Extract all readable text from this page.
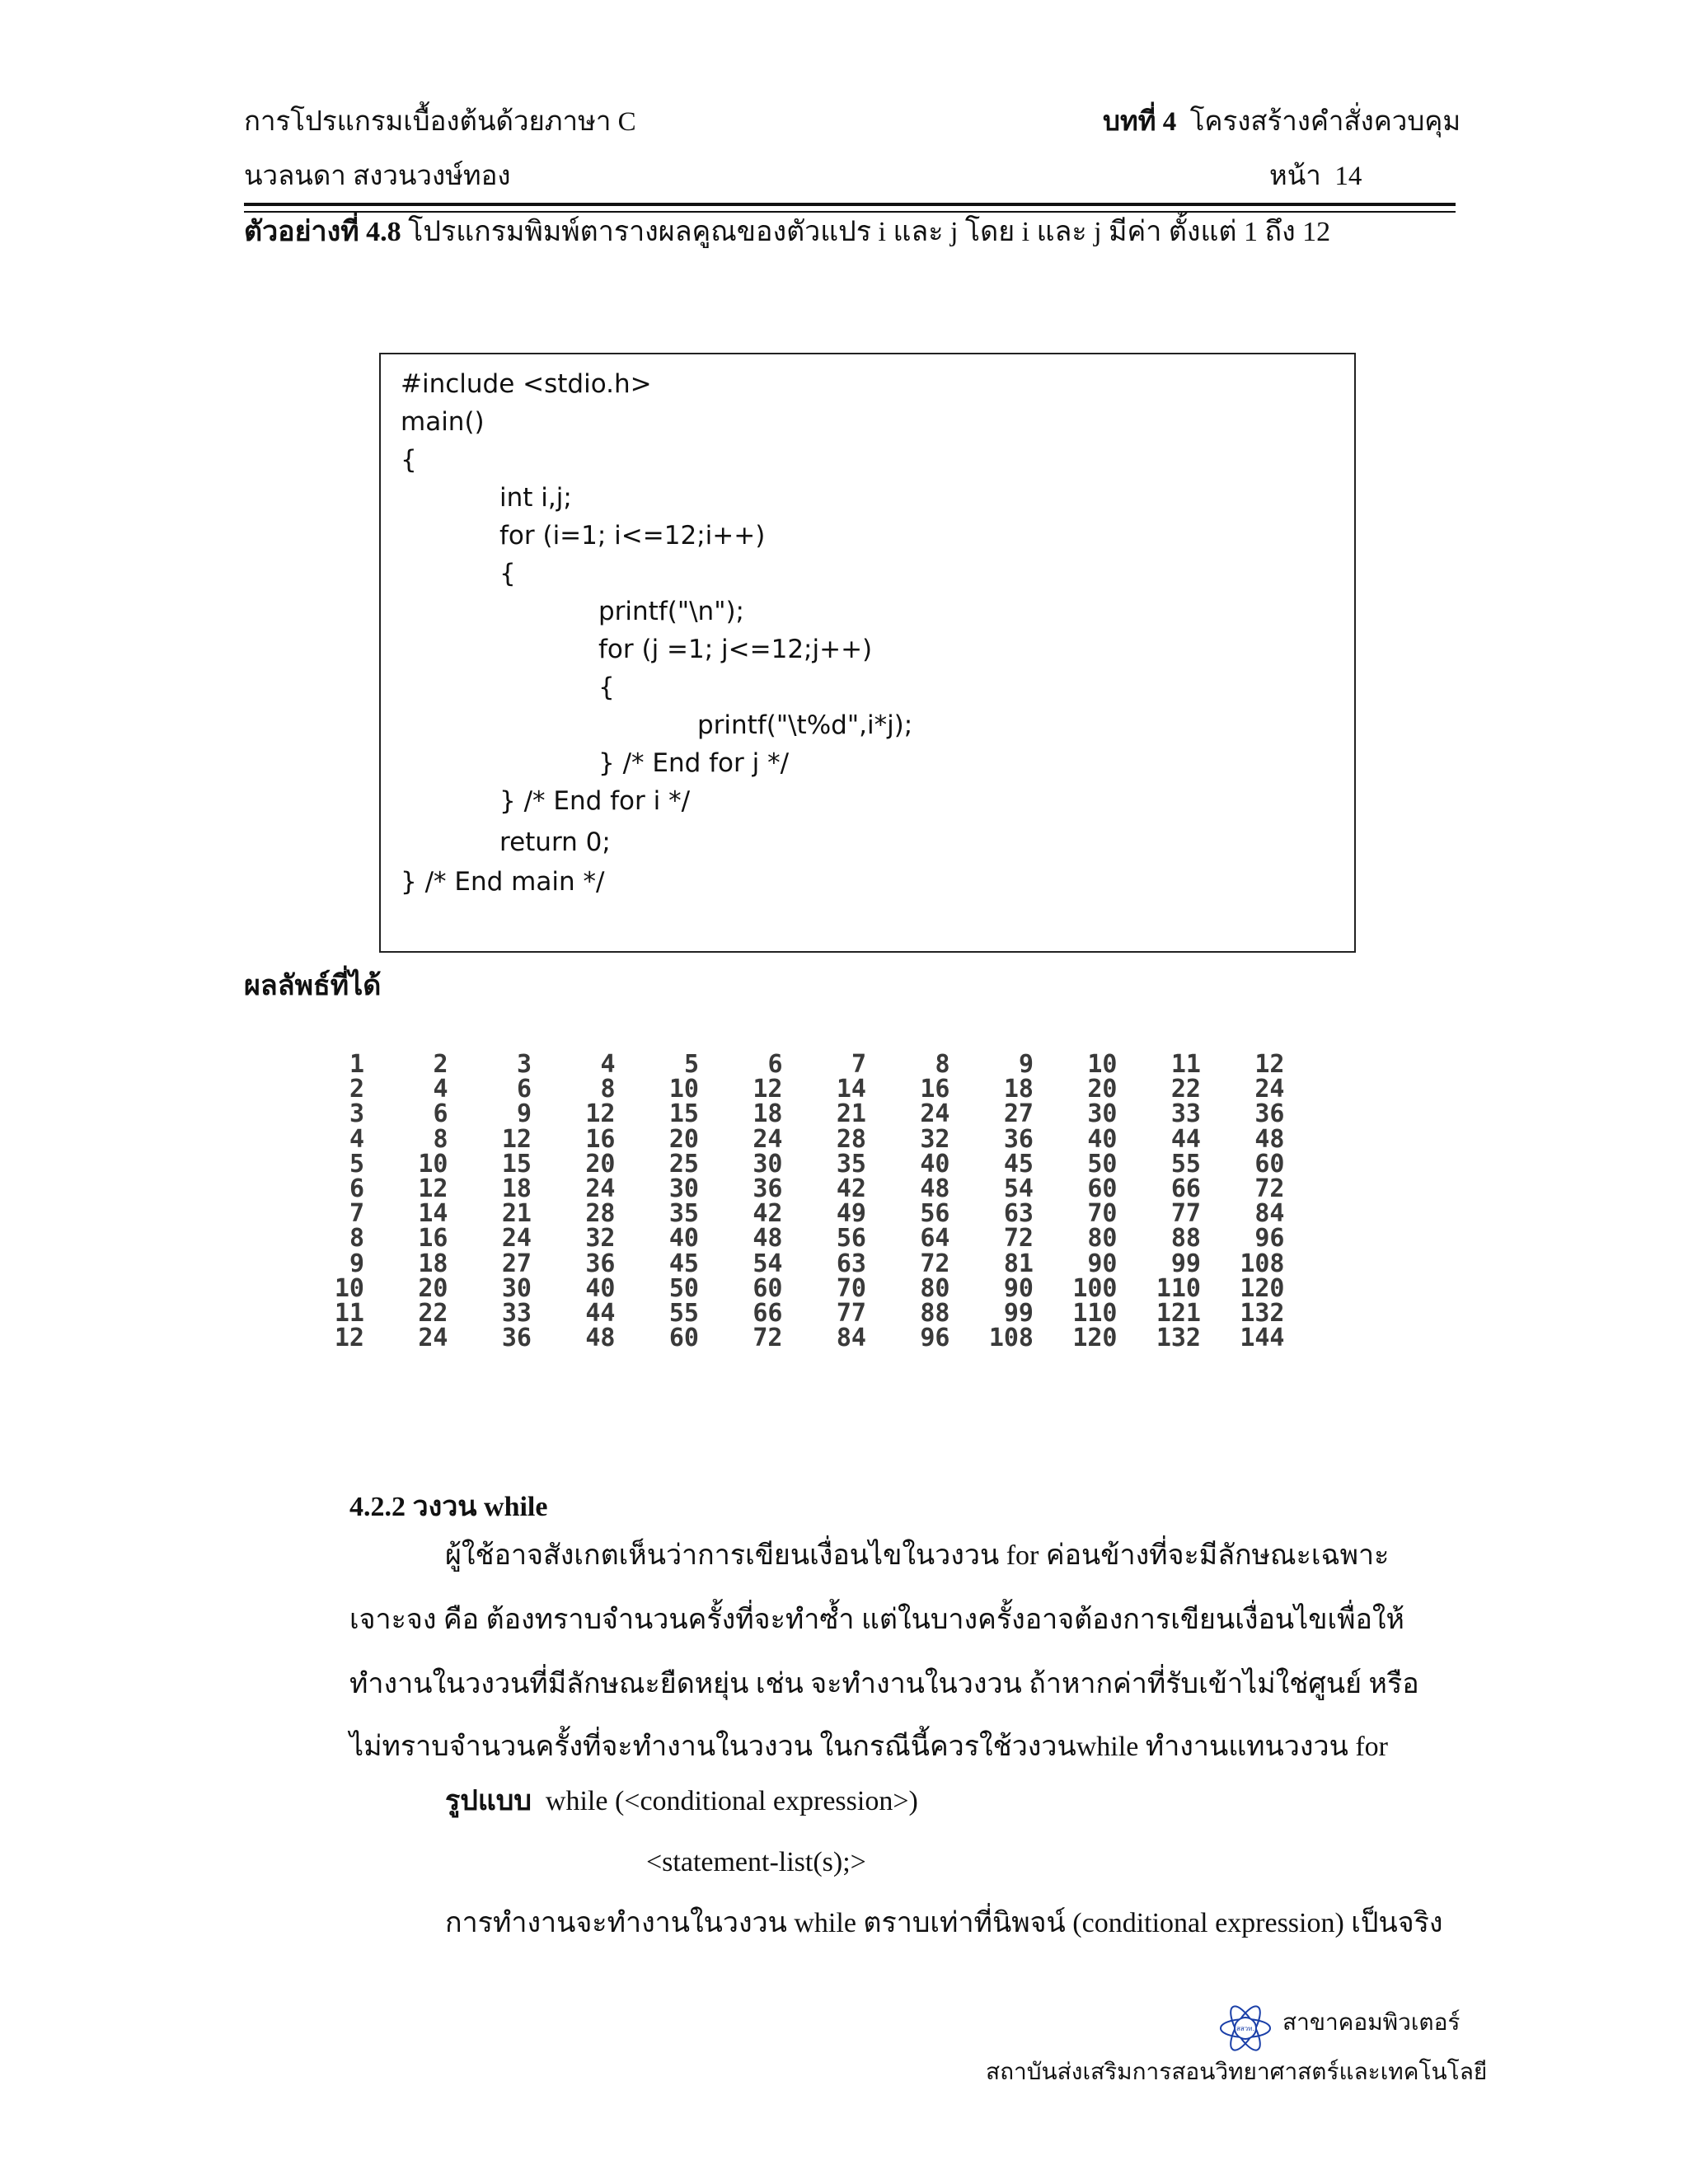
การโปรแกรมเบื้องต้นด้วยภาษา C
นวลนดา สงวนวงษ์ทอง
บทที่ 4 โครงสร้างคำสั่งควบคุม
หน้า 14
ตัวอย่างที่ 4.8 โปรแกรมพิมพ์ตารางผลคูณของตัวแปร i และ j โดย i และ j มีค่า ตั้งแต่ 1 ถึง 12
#include <stdio.h>
main()
{
int i,j;
for (i=1; i<=12;i++)
{
printf("\n");
for (j =1; j<=12;j++)
{
printf("\t%d",i*j);
} /* End for j */
} /* End for i */
return 0;
} /* End main */
ผลลัพธ์ที่ได้
1	2	3	4	5	6	7	8	9	10	11	12
2	4	6	8	10	12	14	16	18	20	22	24
3	6	9	12	15	18	21	24	27	30	33	36
4	8	12	16	20	24	28	32	36	40	44	48
5	10	15	20	25	30	35	40	45	50	55	60
6	12	18	24	30	36	42	48	54	60	66	72
7	14	21	28	35	42	49	56	63	70	77	84
8	16	24	32	40	48	56	64	72	80	88	96
9	18	27	36	45	54	63	72	81	90	99	108
10	20	30	40	50	60	70	80	90	100	110	120
11	22	33	44	55	66	77	88	99	110	121	132
12	24	36	48	60	72	84	96	108	120	132	144
4.2.2 วงวน while
ผู้ใช้อาจสังเกตเห็นว่าการเขียนเงื่อนไขในวงวน for ค่อนข้างที่จะมีลักษณะเฉพาะ
เจาะจง คือ ต้องทราบจำนวนครั้งที่จะทำซ้ำ แต่ในบางครั้งอาจต้องการเขียนเงื่อนไขเพื่อให้
ทำงานในวงวนที่มีลักษณะยืดหยุ่น เช่น จะทำงานในวงวน ถ้าหากค่าที่รับเข้าไม่ใช่ศูนย์ หรือ
ไม่ทราบจำนวนครั้งที่จะทำงานในวงวน ในกรณีนี้ควรใช้วงวนwhile ทำงานแทนวงวน for
รูปแบบ while (<conditional expression>)
<statement-list(s);>
การทำงานจะทำงานในวงวน while ตราบเท่าที่นิพจน์ (conditional expression) เป็นจริง
สสวท. สาขาคอมพิวเตอร์
สถาบันส่งเสริมการสอนวิทยาศาสตร์และเทคโนโลยี
